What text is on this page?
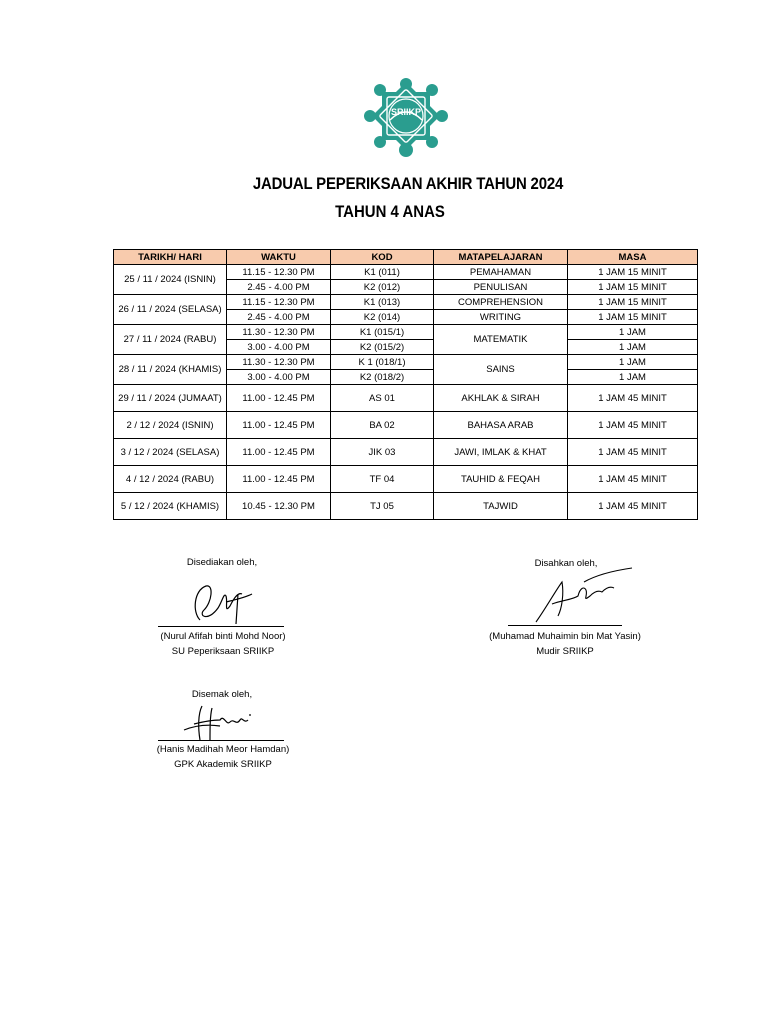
SRIIKP
JADUAL PEPERIKSAAN AKHIR TAHUN 2024
TAHUN 4 ANAS
TARIKH/ HARI	WAKTU	KOD	MATAPELAJARAN	MASA
25 / 11 / 2024 (ISNIN)	11.15 - 12.30 PM	K1 (011)	PEMAHAMAN	1 JAM 15 MINIT
	2.45 - 4.00 PM	K2 (012)	PENULISAN	1 JAM 15 MINIT
26 / 11 / 2024 (SELASA)	11.15 - 12.30 PM	K1 (013)	COMPREHENSION	1 JAM 15 MINIT
	2.45 - 4.00 PM	K2 (014)	WRITING	1 JAM 15 MINIT
27 / 11 / 2024 (RABU)	11.30 - 12.30 PM	K1 (015/1)	MATEMATIK	1 JAM
	3.00 - 4.00 PM	K2 (015/2)		1 JAM
28 / 11 / 2024 (KHAMIS)	11.30 - 12.30 PM	K 1 (018/1)	SAINS	1 JAM
	3.00 - 4.00 PM	K2 (018/2)		1 JAM
29 / 11 / 2024 (JUMAAT)	11.00 - 12.45 PM	AS 01	AKHLAK & SIRAH	1 JAM 45 MINIT
2 / 12 / 2024 (ISNIN)	11.00 - 12.45 PM	BA 02	BAHASA ARAB	1 JAM 45 MINIT
3 / 12 / 2024 (SELASA)	11.00 - 12.45 PM	JIK 03	JAWI, IMLAK & KHAT	1 JAM 45 MINIT
4 / 12 / 2024 (RABU)	11.00 - 12.45 PM	TF 04	TAUHID & FEQAH	1 JAM 45 MINIT
5 / 12 / 2024 (KHAMIS)	10.45 - 12.30 PM	TJ 05	TAJWID	1 JAM 45 MINIT
Disediakan oleh,
(Nurul Afifah binti Mohd Noor)
SU Peperiksaan SRIIKP
Disahkan oleh,
(Muhamad Muhaimin bin Mat Yasin)
Mudir SRIIKP
Disemak oleh,
(Hanis Madihah Meor Hamdan)
GPK Akademik SRIIKP
